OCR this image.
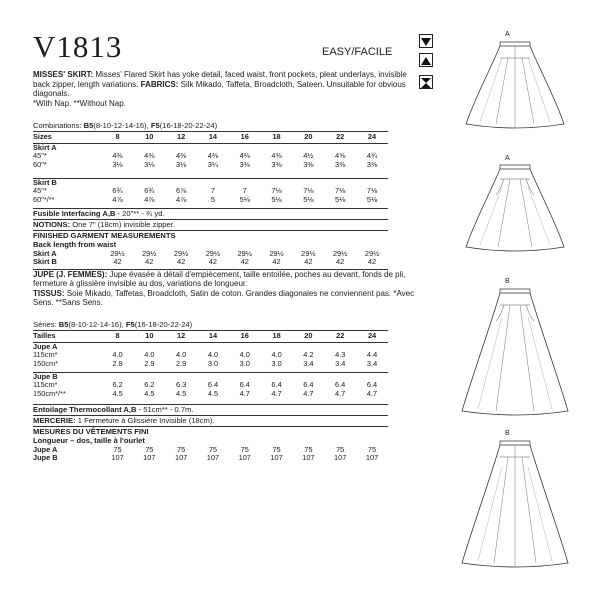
V1813	EASY/FACILE
MISSES' SKIRT: Misses' Flared Skirt has yoke detail, faced waist, front pockets, pleat underlays, invisible back zipper, length variations. FABRICS: Silk Mikado, Taffeta, Broadcloth, Sateen. Unsuitable for obvious diagonals.
*With Nap. **Without Nap.
Combinations: B5(8-10-12-14-16), F5(16-18-20-22-24)
Sizes	8	10	12	14	16	18	20	22	24
Skirt A									
45"*	4⅜	4⅜	4⅜	4⅜	4⅜	4⅜	4½	4⅝	4¾
60"*	3⅛	3⅛	3⅛	3¼	3⅜	3⅜	3⅜	3⅜	3⅜
Skirt B									
45"*	6¾	6¾	6⅞	7	7	7⅛	7⅛	7⅛	7⅛
60"*/**	4⅞	4⅞	4⅞	5	5⅛	5⅛	5⅛	5⅛	5⅛
Fusible Interfacing A,B - 20"** - ¾ yd.
NOTIONS: One 7" (18cm) invisible zipper.
FINISHED GARMENT MEASUREMENTS
Back length from waist
Skirt A	29½	29½	29½	29½	29½	29½	29½	29½	29½
Skirt B	42	42	42	42	42	42	42	42	42
JUPE (J. FEMMES): Jupe évasée à détail d'empiècement, taille entoilée, poches au devant, fonds de pli, fermeture à glissière invisible au dos, variations de longueur.
TISSUS: Soie Mikado, Taffetas, Broadcloth, Satin de coton. Grandes diagonales ne conviennent pas. *Avec Sens. **Sans Sens.
Séries: B5(8-10-12-14-16), F5(16-18-20-22-24)
Tailles	8	10	12	14	16	18	20	22	24
Jupe A									
115cm*	4.0	4.0	4.0	4.0	4.0	4.0	4.2	4.3	4.4
150cm*	2.8	2.9	2.9	3.0	3.0	3.0	3.4	3.4	3.4
Jupe B									
115cm*	6.2	6.2	6.3	6.4	6.4	6.4	6.4	6.4	6.4
150cm*/**	4.5	4.5	4.5	4.5	4.7	4.7	4.7	4.7	4.7
Entoilage Thermocollant A,B - 51cm** - 0.7m.
MERCERIE: 1 Fermeture à Glissière Invisible (18cm).
MESURES DU VÊTEMENTS FINI
Longueur – dos, taille à l'ourlet
Jupe A	75	75	75	75	75	75	75	75	75
Jupe B	107	107	107	107	107	107	107	107	107
A
A
B
B
